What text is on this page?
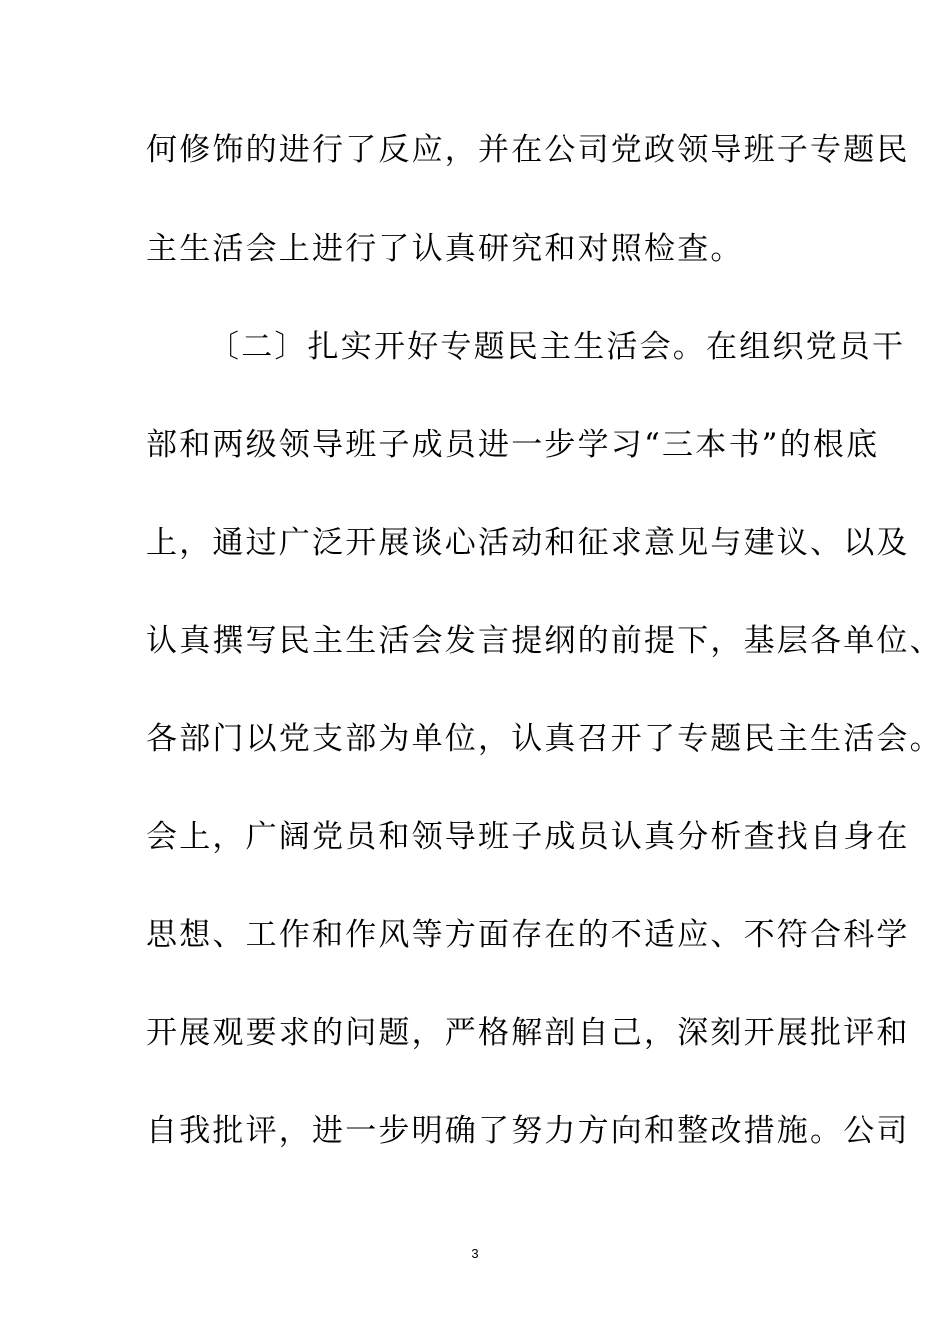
何修饰的进行了反应，并在公司党政领导班子专题民
主生活会上进行了认真研究和对照检查。
〔二〕扎实开好专题民主生活会。在组织党员干
部和两级领导班子成员进一步学习“三本书”的根底
上，通过广泛开展谈心活动和征求意见与建议、以及
认真撰写民主生活会发言提纲的前提下，基层各单位、
各部门以党支部为单位，认真召开了专题民主生活会。
会上，广阔党员和领导班子成员认真分析查找自身在
思想、工作和作风等方面存在的不适应、不符合科学
开展观要求的问题，严格解剖自己，深刻开展批评和
自我批评，进一步明确了努力方向和整改措施。公司
3
